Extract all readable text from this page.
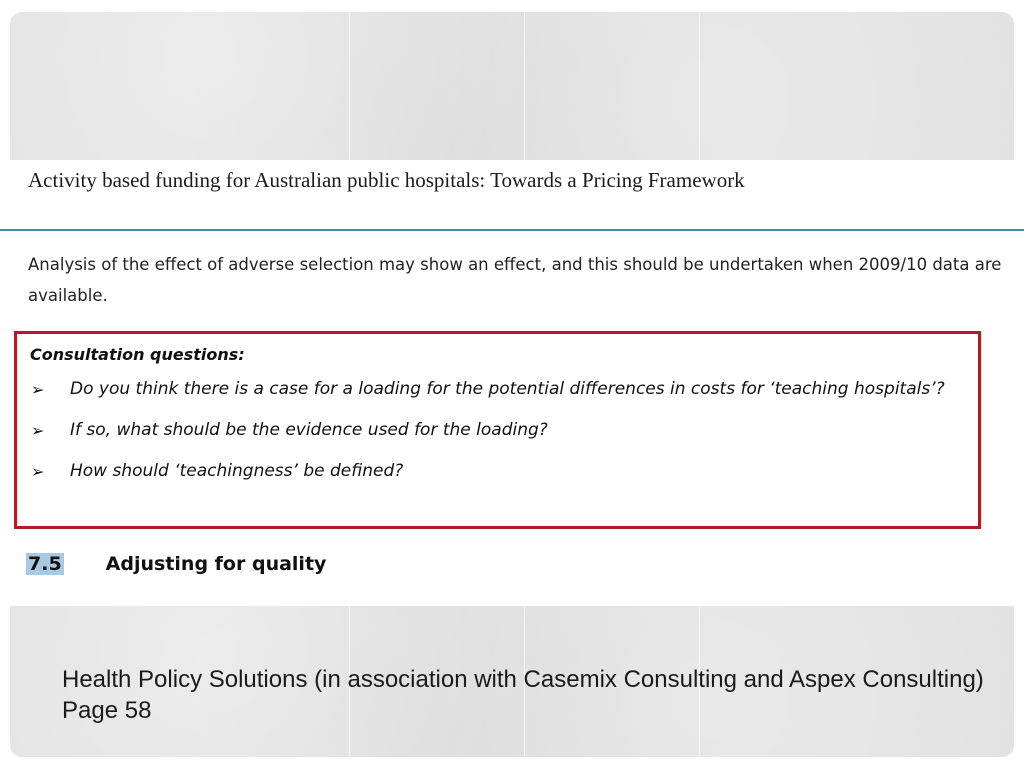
Activity based funding for Australian public hospitals: Towards a Pricing Framework
Analysis of the effect of adverse selection may show an effect, and this should be undertaken when 2009/10 data are available.
Consultation questions:
➢ Do you think there is a case for a loading for the potential differences in costs for ‘teaching hospitals’?
➢ If so, what should be the evidence used for the loading?
➢ How should ‘teachingness’ be defined?
7.5 Adjusting for quality
Health Policy Solutions (in association with Casemix Consulting and Aspex Consulting) Page 58
